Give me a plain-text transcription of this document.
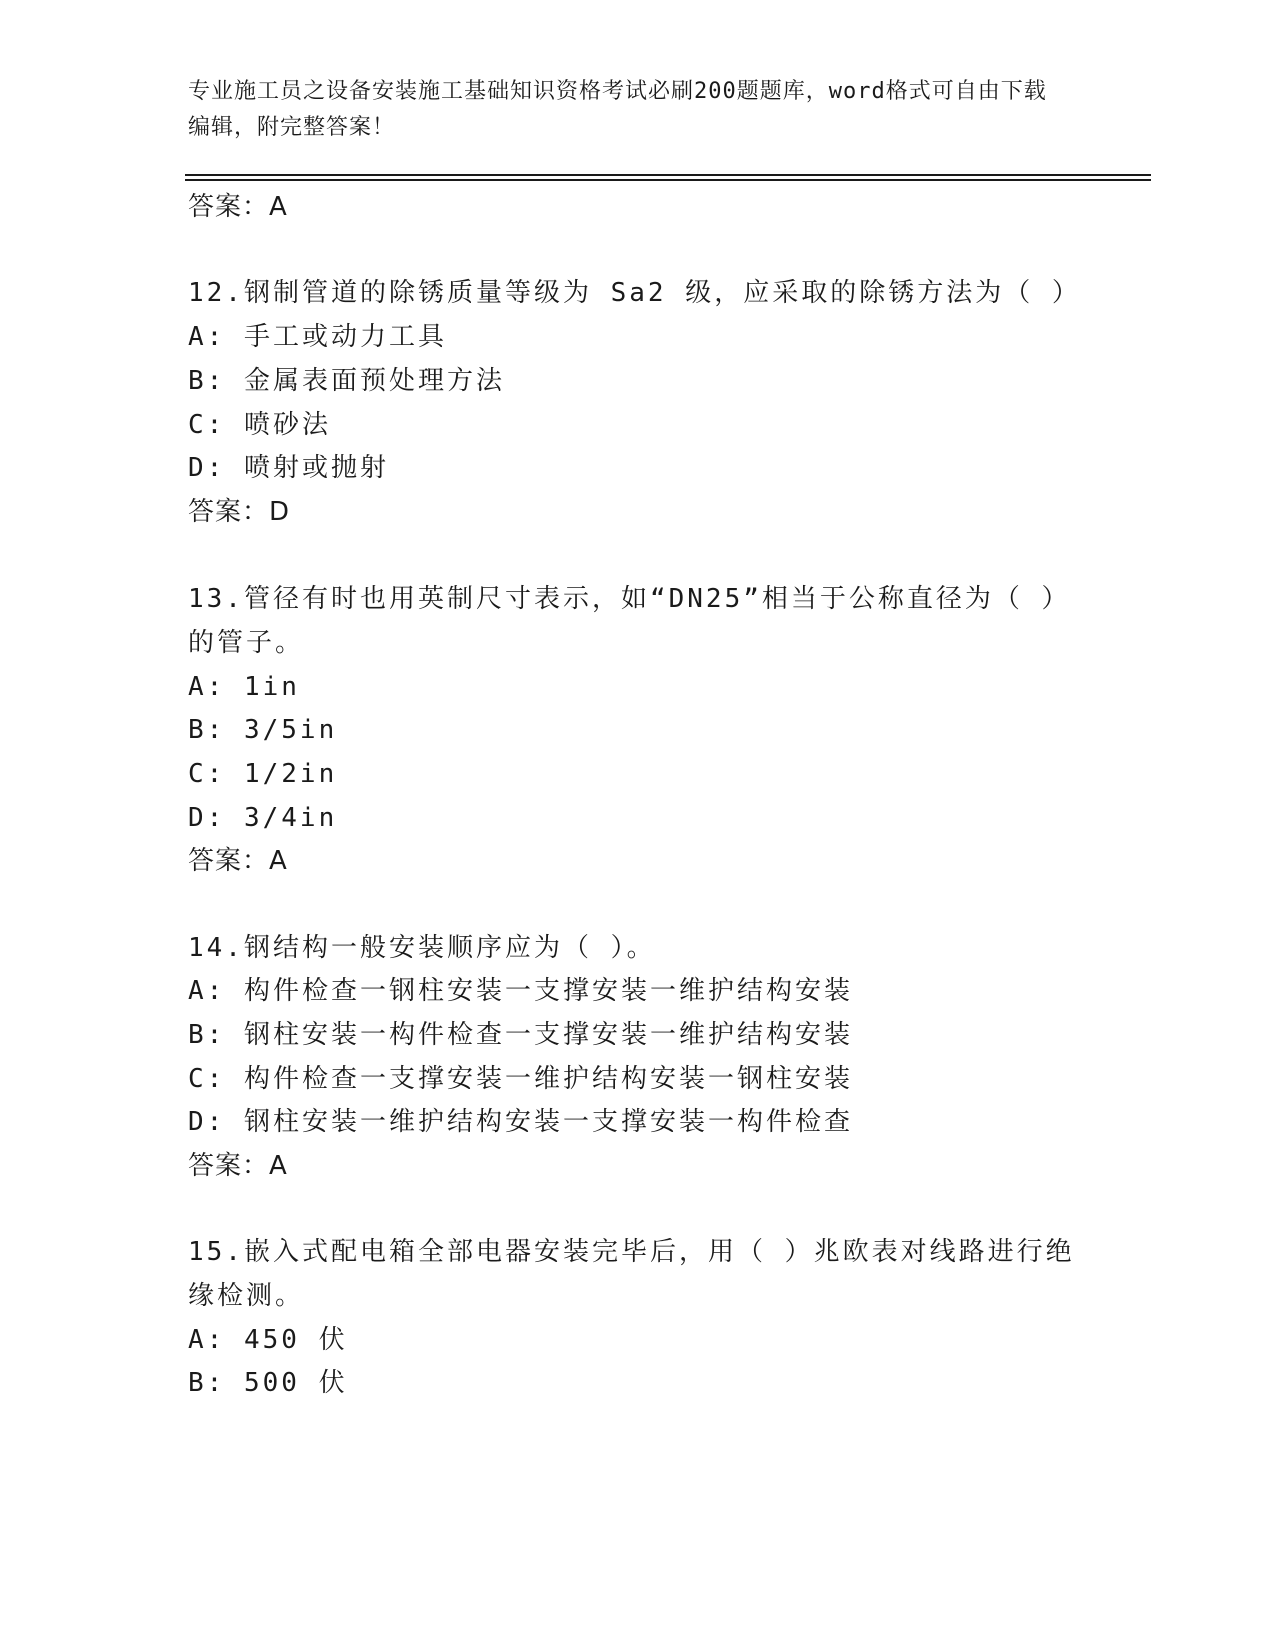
专业施工员之设备安装施工基础知识资格考试必刷200题题库，word格式可自由下载编辑，附完整答案！
答案：A
12.钢制管道的除锈质量等级为 Sa2 级，应采取的除锈方法为（ ）
A: 手工或动力工具
B: 金属表面预处理方法
C: 喷砂法
D: 喷射或抛射
答案：D
13.管径有时也用英制尺寸表示，如“DN25”相当于公称直径为（ ）
的管子。
A: 1in
B: 3/5in
C: 1/2in
D: 3/4in
答案：A
14.钢结构一般安装顺序应为（ ）。
A: 构件检查一钢柱安装一支撑安装一维护结构安装
B: 钢柱安装一构件检查一支撑安装一维护结构安装
C: 构件检查一支撑安装一维护结构安装一钢柱安装
D: 钢柱安装一维护结构安装一支撑安装一构件检查
答案：A
15.嵌入式配电箱全部电器安装完毕后，用（ ）兆欧表对线路进行绝
缘检测。
A: 450 伏
B: 500 伏
